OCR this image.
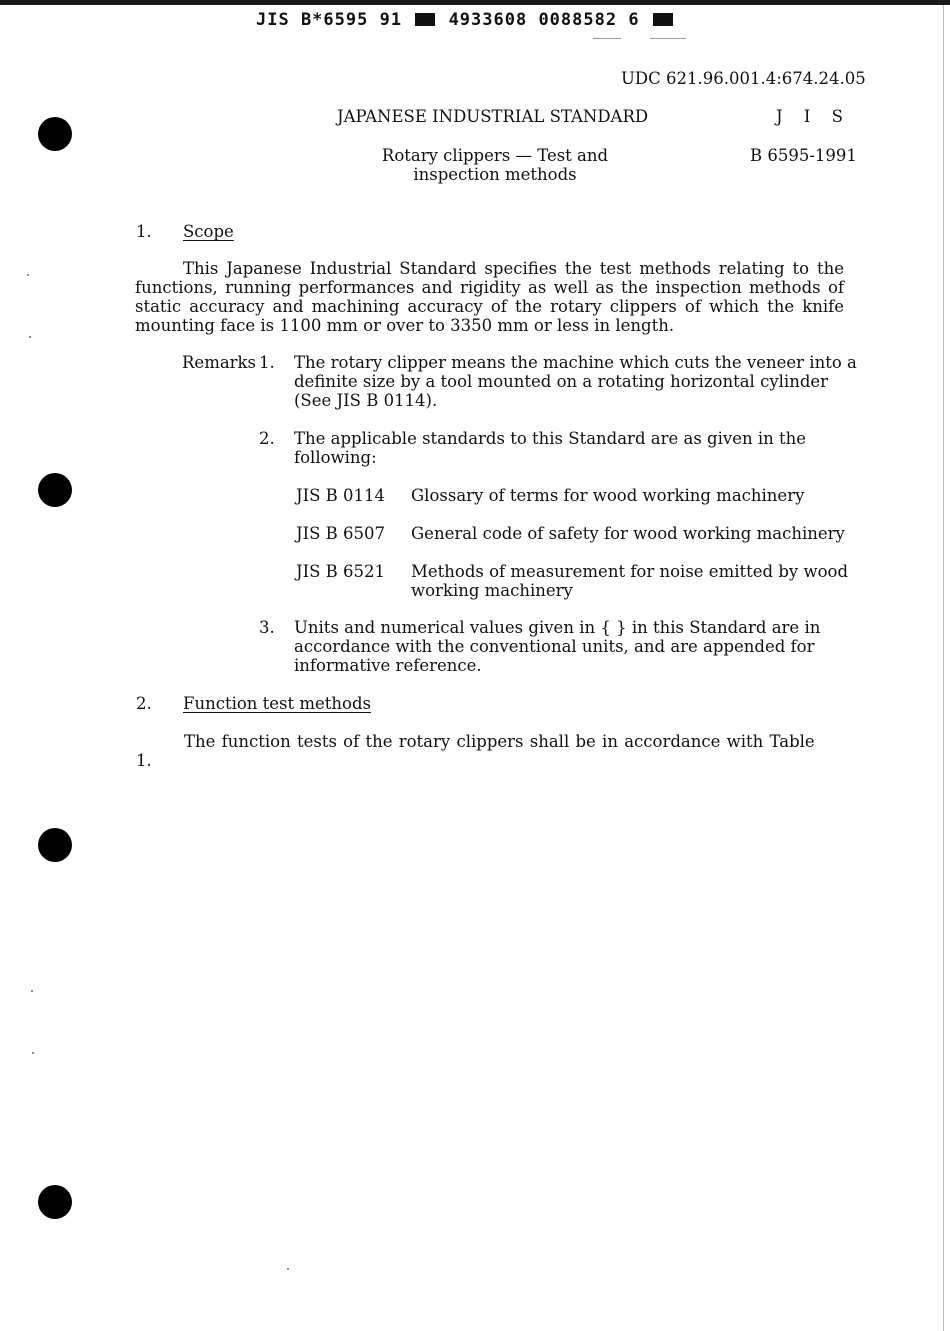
JIS B*6595 91	4933608 0088582 6
UDC 621.96.001.4:674.24.05
JAPANESE INDUSTRIAL STANDARD	J I S
Rotary clippers — Test and
inspection methods
B 6595-1991
1. Scope

This Japanese Industrial Standard specifies the test methods relating to the functions, running performances and rigidity as well as the inspection methods of static accuracy and machining accuracy of the rotary clippers of which the knife mounting face is 1100 mm or over to 3350 mm or less in length.

Remarks 1. The rotary clipper means the machine which cuts the veneer into a definite size by a tool mounted on a rotating horizontal cylinder (See JIS B 0114).

2. The applicable standards to this Standard are as given in the following:

JIS B 0114 Glossary of terms for wood working machinery

JIS B 6507 General code of safety for wood working machinery

JIS B 6521 Methods of measurement for noise emitted by wood working machinery

3. Units and numerical values given in { } in this Standard are in accordance with the conventional units, and are appended for informative reference.

2. Function test methods
The function tests of the rotary clippers shall be in accordance with Table
1.
